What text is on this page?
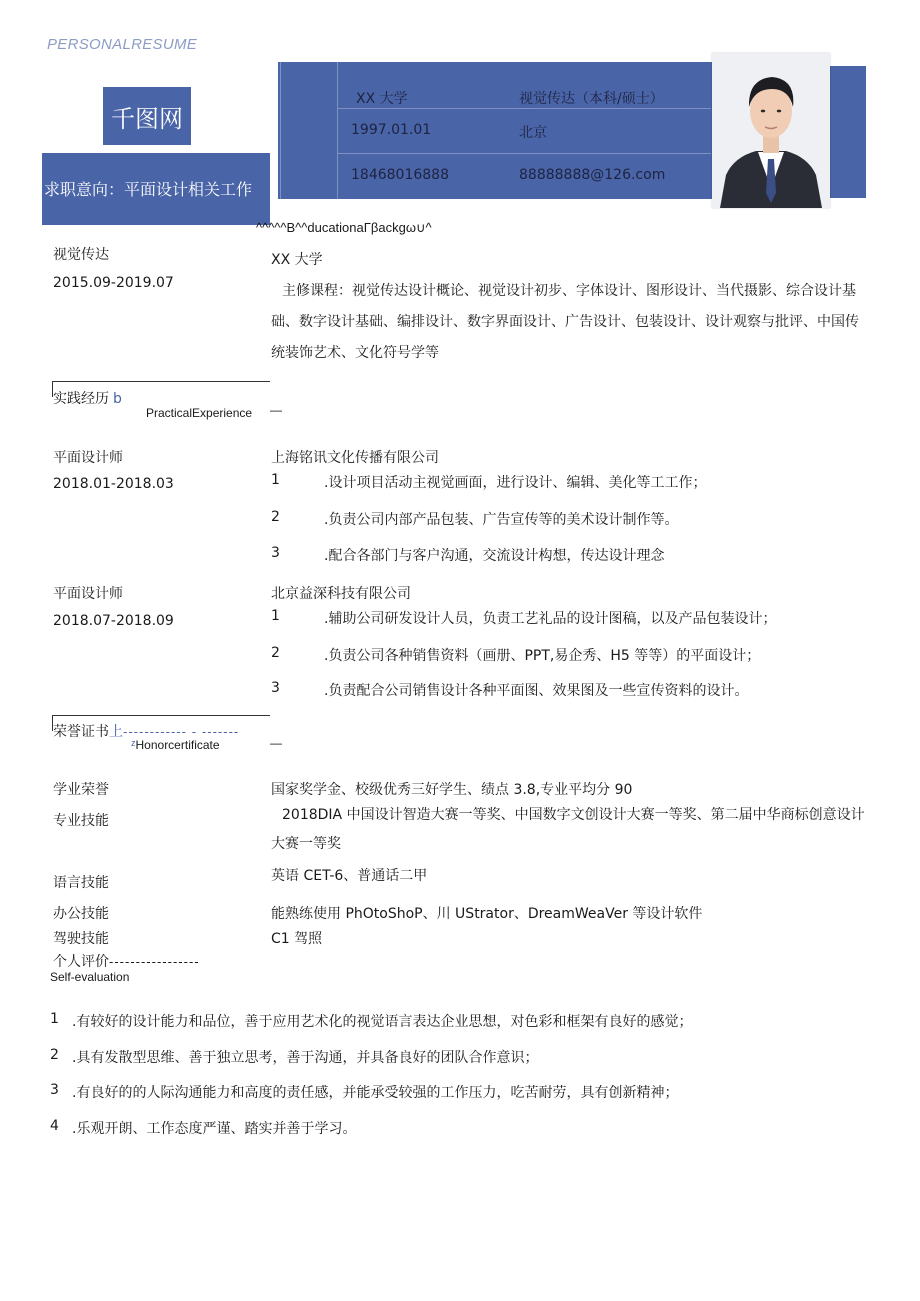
PERSONALRESUME
千图网
求职意向：平面设计相关工作
XX 大学	视觉传达（本科/硕士）
1997.01.01	北京
18468016888	88888888@126.com
^^^^^B^^ducationaΓβackgω∪^
视觉传达
2015.09-2019.07
XX 大学
主修课程：视觉传达设计概论、视觉设计初步、字体设计、图形设计、当代摄影、综合设计基础、数字设计基础、编排设计、数字界面设计、广告设计、包装设计、设计观察与批评、中国传统装饰艺术、文化符号学等
实践经历 b
PracticalExperience —
平面设计师
2018.01-2018.03
上海铭讯文化传播有限公司
1	.设计项目活动主视觉画面，进行设计、编辑、美化等工工作；
2	.负责公司内部产品包装、广告宣传等的美术设计制作等。
3	.配合各部门与客户沟通，交流设计构想，传达设计理念
平面设计师
2018.07-2018.09
北京益深科技有限公司
1	.辅助公司研发设计人员，负责工艺礼品的设计图稿，以及产品包装设计；
2	.负责公司各种销售资料（画册、PPT,易企秀、H5 等等）的平面设计；
3	.负责配合公司销售设计各种平面图、效果图及一些宣传资料的设计。
荣誉证书上------------ - -------
$^z$Honorcertificate	—
学业荣誉	国家奖学金、校级优秀三好学生、绩点 3.8,专业平均分 90
专业技能	2018DIA 中国设计智造大赛一等奖、中国数字文创设计大赛一等奖、第二届中华商标创意设计大赛一等奖
语言技能	英语 CET-6、普通话二甲
办公技能	能熟练使用 PhOtoShoP、川 UStrator、DreamWeaVer 等设计软件
驾驶技能	C1 驾照
个人评价-----------------
Self-evaluation
1 .有较好的设计能力和品位，善于应用艺术化的视觉语言表达企业思想，对色彩和框架有良好的感觉；
2 .具有发散型思维、善于独立思考，善于沟通，并具备良好的团队合作意识；
3 .有良好的的人际沟通能力和高度的责任感，并能承受较强的工作压力，吃苦耐劳，具有创新精神；
4 .乐观开朗、工作态度严谨、踏实并善于学习。
